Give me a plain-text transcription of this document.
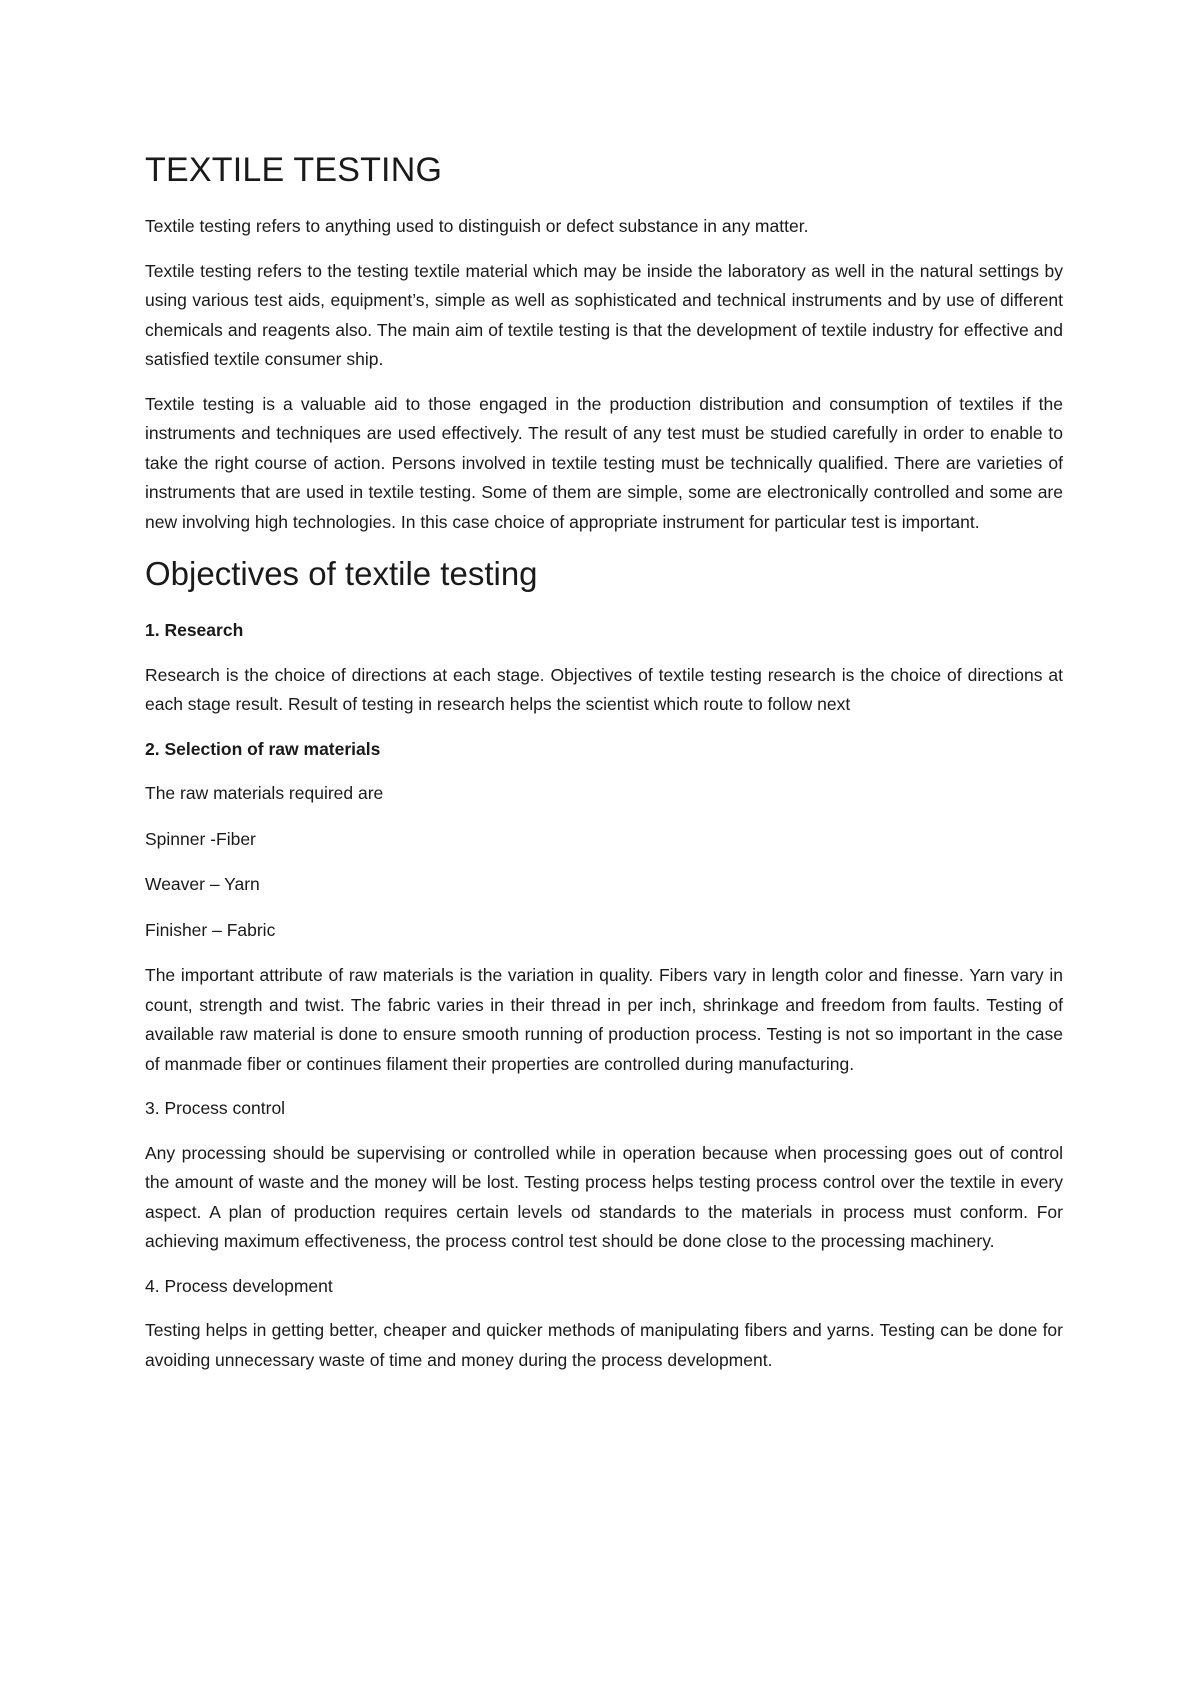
TEXTILE TESTING

Textile testing refers to anything used to distinguish or defect substance in any matter.

Textile testing refers to the testing textile material which may be inside the laboratory as well in the natural settings by using various test aids, equipment’s, simple as well as sophisticated and technical instruments and by use of different chemicals and reagents also. The main aim of textile testing is that the development of textile industry for effective and satisfied textile consumer ship.

Textile testing is a valuable aid to those engaged in the production distribution and consumption of textiles if the instruments and techniques are used effectively. The result of any test must be studied carefully in order to enable to take the right course of action. Persons involved in textile testing must be technically qualified. There are varieties of instruments that are used in textile testing. Some of them are simple, some are electronically controlled and some are new involving high technologies. In this case choice of appropriate instrument for particular test is important.

Objectives of textile testing

1. Research

Research is the choice of directions at each stage. Objectives of textile testing research is the choice of directions at each stage result. Result of testing in research helps the scientist which route to follow next

2. Selection of raw materials

The raw materials required are

Spinner -Fiber

Weaver – Yarn

Finisher – Fabric

The important attribute of raw materials is the variation in quality. Fibers vary in length color and finesse. Yarn vary in count, strength and twist. The fabric varies in their thread in per inch, shrinkage and freedom from faults. Testing of available raw material is done to ensure smooth running of production process. Testing is not so important in the case of manmade fiber or continues filament their properties are controlled during manufacturing.

3. Process control

Any processing should be supervising or controlled while in operation because when processing goes out of control the amount of waste and the money will be lost. Testing process helps testing process control over the textile in every aspect. A plan of production requires certain levels od standards to the materials in process must conform. For achieving maximum effectiveness, the process control test should be done close to the processing machinery.

4. Process development

Testing helps in getting better, cheaper and quicker methods of manipulating fibers and yarns. Testing can be done for avoiding unnecessary waste of time and money during the process development.
